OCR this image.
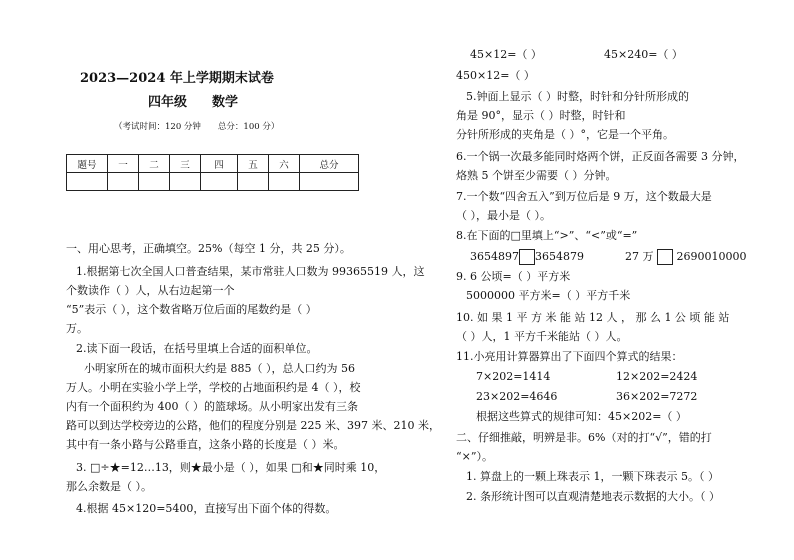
2023—2024 年上学期期末试卷
四年级 数学
（考试时间：120 分钟　　总分：100 分）
题号	一	二	三	四	五	六	总分

一、用心思考，正确填空。25%（每空 1 分，共 25 分）。
1.根据第七次全国人口普查结果，某市常驻人口数为 99365519 人，这
个数读作（ ）人，从右边起第一个
“5”表示（ ），这个数省略万位后面的尾数约是（ ）
万。
2.读下面一段话，在括号里填上合适的面积单位。
小明家所在的城市面积大约是 885（ ），总人口约为 56
万人。小明在实验小学上学，学校的占地面积约是 4（ ），校
内有一个面积约为 400（ ）的篮球场。从小明家出发有三条
路可以到达学校旁边的公路，他们的程度分别是 225 米、397 米、210 米，
其中有一条小路与公路垂直，这条小路的长度是（ ）米。
3. □÷★=12…13，则★最小是（ ），如果 □和★同时乘 10，
那么余数是（ ）。
4.根据 45×120=5400，直接写出下面个体的得数。
45×12=（ ）	45×240=（ ）
450×12=（ ）
5.钟面上显示（ ）时整，时针和分针所形成的
角是 90°，显示（ ）时整，时针和
分针所形成的夹角是（ ）°，它是一个平角。
6.一个锅一次最多能同时烙两个饼，正反面各需要 3 分钟，
烙熟 5 个饼至少需要（ ）分钟。
7.一个数“四舍五入”到万位后是 9 万，这个数最大是
（ ），最小是（ ）。
8.在下面的□里填上“>”、“<”或“=”
3654897 3654879	27 万 2690010000
9. 6 公顷=（ ）平方米
5000000 平方米=（ ）平方千米
10. 如 果 1 平 方 米 能 站 12 人 ， 那 么 1 公 顷 能 站
（ ）人，1 平方千米能站（ ）人。
11.小亮用计算器算出了下面四个算式的结果：
7×202=1414	12×202=2424
23×202=4646	36×202=7272
根据这些算式的规律可知：45×202=（ ）
二、仔细推敲，明辨是非。6%（对的打“√”，错的打
“×”）。
1. 算盘上的一颗上珠表示 1，一颗下珠表示 5。（ ）
2. 条形统计图可以直观清楚地表示数据的大小。（ ）
